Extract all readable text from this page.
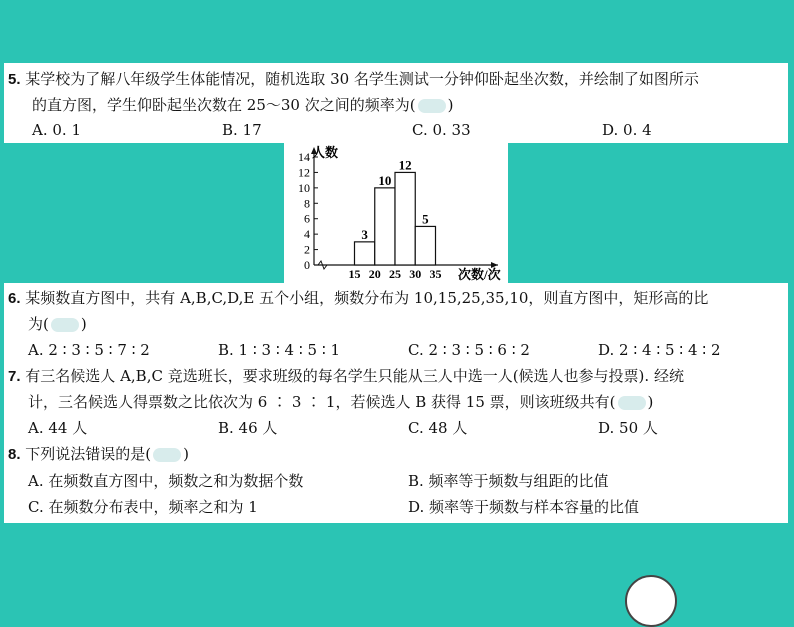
5. 某学校为了解八年级学生体能情况，随机选取 30 名学生测试一分钟仰卧起坐次数，并绘制了如图所示
的直方图，学生仰卧起坐次数在 25～30 次之间的频率为( )
A. 0. 1	B. 17	C. 0. 33	D. 0. 4
0
2
4
6
8
10
12
14
3
10
12
5
15 20 25 30 35
人数
次数/次
6. 某频数直方图中，共有 A,B,C,D,E 五个小组，频数分布为 10,15,25,35,10，则直方图中，矩形高的比
为( )
A. 2 ∶ 3 ∶ 5 ∶ 7 ∶ 2	B. 1 ∶ 3 ∶ 4 ∶ 5 ∶ 1	C. 2 ∶ 3 ∶ 5 ∶ 6 ∶ 2	D. 2 ∶ 4 ∶ 5 ∶ 4 ∶ 2
7. 有三名候选人 A,B,C 竞选班长，要求班级的每名学生只能从三人中选一人(候选人也参与投票). 经统
计，三名候选人得票数之比依次为 6 ∶ 3 ∶ 1，若候选人 B 获得 15 票，则该班级共有( )
A. 44 人	B. 46 人	C. 48 人	D. 50 人
8. 下列说法错误的是( )
A. 在频数直方图中，频数之和为数据个数	B. 频率等于频数与组距的比值
C. 在频数分布表中，频率之和为 1	D. 频率等于频数与样本容量的比值
